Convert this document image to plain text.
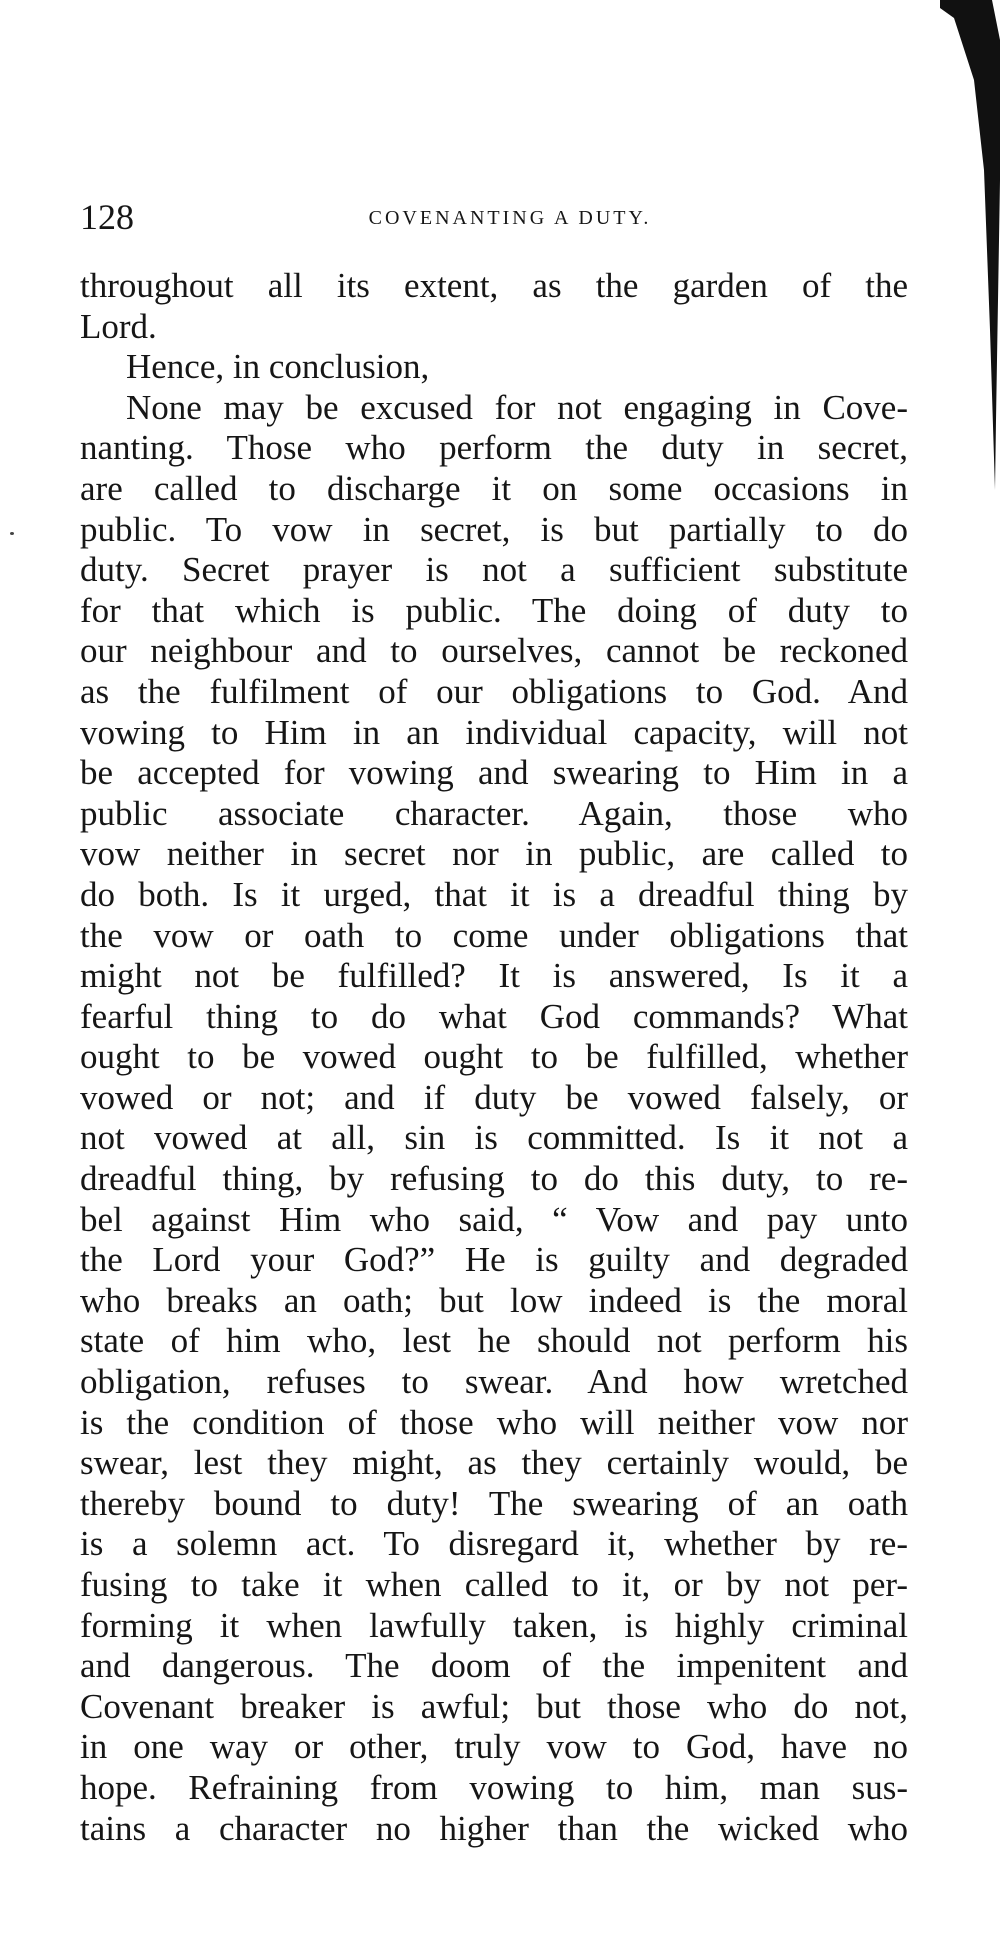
128	COVENANTING A DUTY.
throughout all its extent, as the garden of the
Lord.
Hence, in conclusion,
None may be excused for not engaging in Cove-
nanting. Those who perform the duty in secret,
are called to discharge it on some occasions in
public. To vow in secret, is but partially to do
duty. Secret prayer is not a sufficient substitute
for that which is public. The doing of duty to
our neighbour and to ourselves, cannot be reckoned
as the fulfilment of our obligations to God. And
vowing to Him in an individual capacity, will not
be accepted for vowing and swearing to Him in a
public associate character. Again, those who
vow neither in secret nor in public, are called to
do both. Is it urged, that it is a dreadful thing by
the vow or oath to come under obligations that
might not be fulfilled? It is answered, Is it a
fearful thing to do what God commands? What
ought to be vowed ought to be fulfilled, whether
vowed or not; and if duty be vowed falsely, or
not vowed at all, sin is committed. Is it not a
dreadful thing, by refusing to do this duty, to re-
bel against Him who said, “ Vow and pay unto
the Lord your God?” He is guilty and degraded
who breaks an oath; but low indeed is the moral
state of him who, lest he should not perform his
obligation, refuses to swear. And how wretched
is the condition of those who will neither vow nor
swear, lest they might, as they certainly would, be
thereby bound to duty! The swearing of an oath
is a solemn act. To disregard it, whether by re-
fusing to take it when called to it, or by not per-
forming it when lawfully taken, is highly criminal
and dangerous. The doom of the impenitent and
Covenant breaker is awful; but those who do not,
in one way or other, truly vow to God, have no
hope. Refraining from vowing to him, man sus-
tains a character no higher than the wicked who
